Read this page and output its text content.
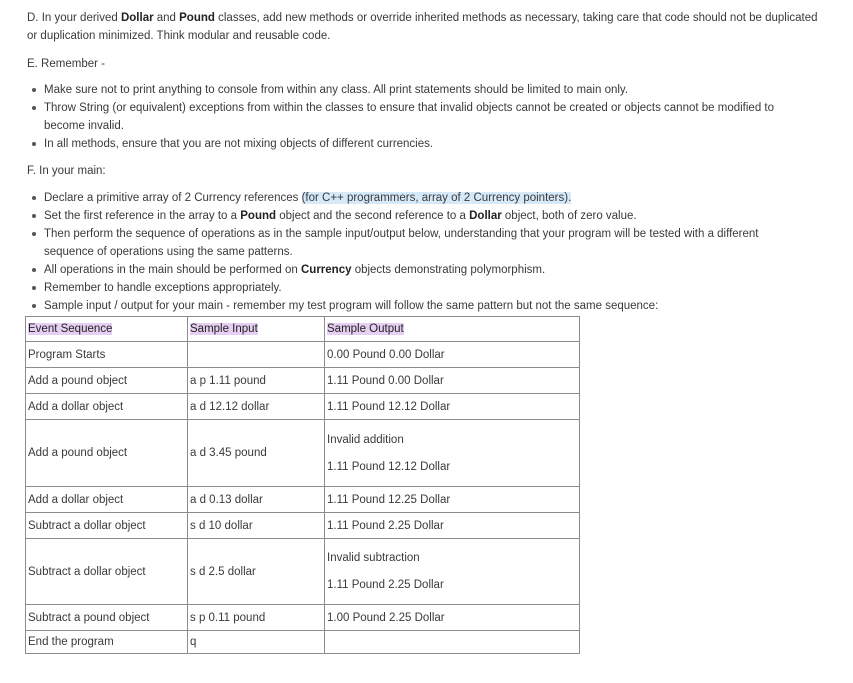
D. In your derived Dollar and Pound classes, add new methods or override inherited methods as necessary, taking care that code should not be duplicated

or duplication minimized. Think modular and reusable code.

E. Remember -

Make sure not to print anything to console from within any class. All print statements should be limited to main only.

Throw String (or equivalent) exceptions from within the classes to ensure that invalid objects cannot be created or objects cannot be modified to

become invalid.

In all methods, ensure that you are not mixing objects of different currencies.

F. In your main:

Declare a primitive array of 2 Currency references (for C++ programmers, array of 2 Currency pointers).

Set the first reference in the array to a Pound object and the second reference to a Dollar object, both of zero value.

Then perform the sequence of operations as in the sample input/output below, understanding that your program will be tested with a different

sequence of operations using the same patterns.

All operations in the main should be performed on Currency objects demonstrating polymorphism.

Remember to handle exceptions appropriately.

Sample input / output for your main - remember my test program will follow the same pattern but not the same sequence:

Event Sequence	Sample Input	Sample Output
Program Starts		0.00 Pound 0.00 Dollar
Add a pound object	a p 1.11 pound	1.11 Pound 0.00 Dollar
Add a dollar object	a d 12.12 dollar	1.11 Pound 12.12 Dollar
Add a pound object	a d 3.45 pound	Invalid addition
1.11 Pound 12.12 Dollar

Add a dollar object	a d 0.13 dollar	1.11 Pound 12.25 Dollar
Subtract a dollar object	s d 10 dollar	1.11 Pound 2.25 Dollar
Subtract a dollar object	s d 2.5 dollar	Invalid subtraction
1.11 Pound 2.25 Dollar

Subtract a pound object	s p 0.11 pound	1.00 Pound 2.25 Dollar
End the program	q	
